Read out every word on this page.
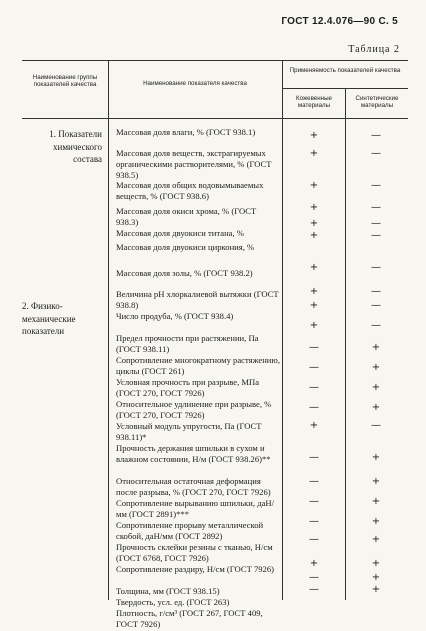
ГОСТ 12.4.076—90 С. 5
Таблица 2
Наименование группы показателей качества	Наименование показателя качества
Применяемость показателей качества
Кожевенные материалы
Синтетические материалы
1. Показатели химического состава
2. Физико-механические показатели
Массовая доля влаги, % (ГОСТ 938.1)
Массовая доля веществ, экстрагируемых органическими растворителями, % (ГОСТ 938.5)
Массовая доля общих водовымываемых веществ, % (ГОСТ 938.6)
Массовая доля окиси хрома, % (ГОСТ 938.3)
Массовая доля двуокиси титана, %
Массовая доля двуокиси циркония, %
Массовая доля золы, % (ГОСТ 938.2)
Величина pH хлоркалиевой вытяжки (ГОСТ 938.8)
Число продуба, % (ГОСТ 938.4)
Предел прочности при растяжении, Па (ГОСТ 938.11)
Сопротивление многократному растяжению, циклы (ГОСТ 261)
Условная прочность при разрыве, МПа (ГОСТ 270, ГОСТ 7926)
Относительное удлинение при разрыве, % (ГОСТ 270, ГОСТ 7926)
Условный модуль упругости, Па (ГОСТ 938.11)*
Прочность держания шпильки в сухом и влажном состоянии, Н/м (ГОСТ 938.26)**
Относительная остаточная деформация после разрыва, % (ГОСТ 270, ГОСТ 7926)
Сопротивление вырыванию шпильки, даН/мм (ГОСТ 2891)***
Сопротивление прорыву металлической скобой, даН/мм (ГОСТ 2892)
Прочность склейки резины с тканью, Н/см (ГОСТ 6768, ГОСТ 7926)
Сопротивление раздиру, Н/см (ГОСТ 7926)
Толщина, мм (ГОСТ 938.15)
Твердость, усл. ед. (ГОСТ 263)
Плотность, г/см³ (ГОСТ 267, ГОСТ 409, ГОСТ 7926)
+
+
+
+
+
+
+
+
+
+
—
—
—
—
+
—
—
—
—
—
+
—
—
—
—
—
—
—
—
—
—
—
—
+
+
+
+
—
+
+
+
+
+
+
+
+
